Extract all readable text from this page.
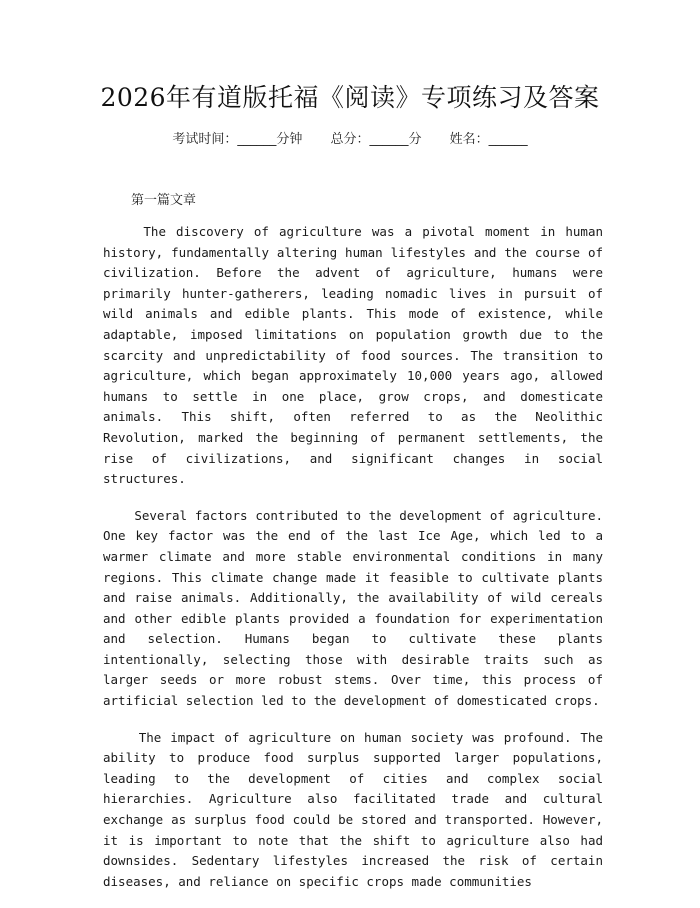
2026年有道版托福《阅读》专项练习及答案
考试时间：______分钟 总分：______分 姓名：______
第一篇文章

The discovery of agriculture was a pivotal moment in human history, fundamentally altering human lifestyles and the course of civilization. Before the advent of agriculture, humans were primarily hunter-gatherers, leading nomadic lives in pursuit of wild animals and edible plants. This mode of existence, while adaptable, imposed limitations on population growth due to the scarcity and unpredictability of food sources. The transition to agriculture, which began approximately 10,000 years ago, allowed humans to settle in one place, grow crops, and domesticate animals. This shift, often referred to as the Neolithic Revolution, marked the beginning of permanent settlements, the rise of civilizations, and significant changes in social structures.

Several factors contributed to the development of agriculture. One key factor was the end of the last Ice Age, which led to a warmer climate and more stable environmental conditions in many regions. This climate change made it feasible to cultivate plants and raise animals. Additionally, the availability of wild cereals and other edible plants provided a foundation for experimentation and selection. Humans began to cultivate these plants intentionally, selecting those with desirable traits such as larger seeds or more robust stems. Over time, this process of artificial selection led to the development of domesticated crops.

The impact of agriculture on human society was profound. The ability to produce food surplus supported larger populations, leading to the development of cities and complex social hierarchies. Agriculture also facilitated trade and cultural exchange as surplus food could be stored and transported. However, it is important to note that the shift to agriculture also had downsides. Sedentary lifestyles increased the risk of certain diseases, and reliance on specific crops made communities
